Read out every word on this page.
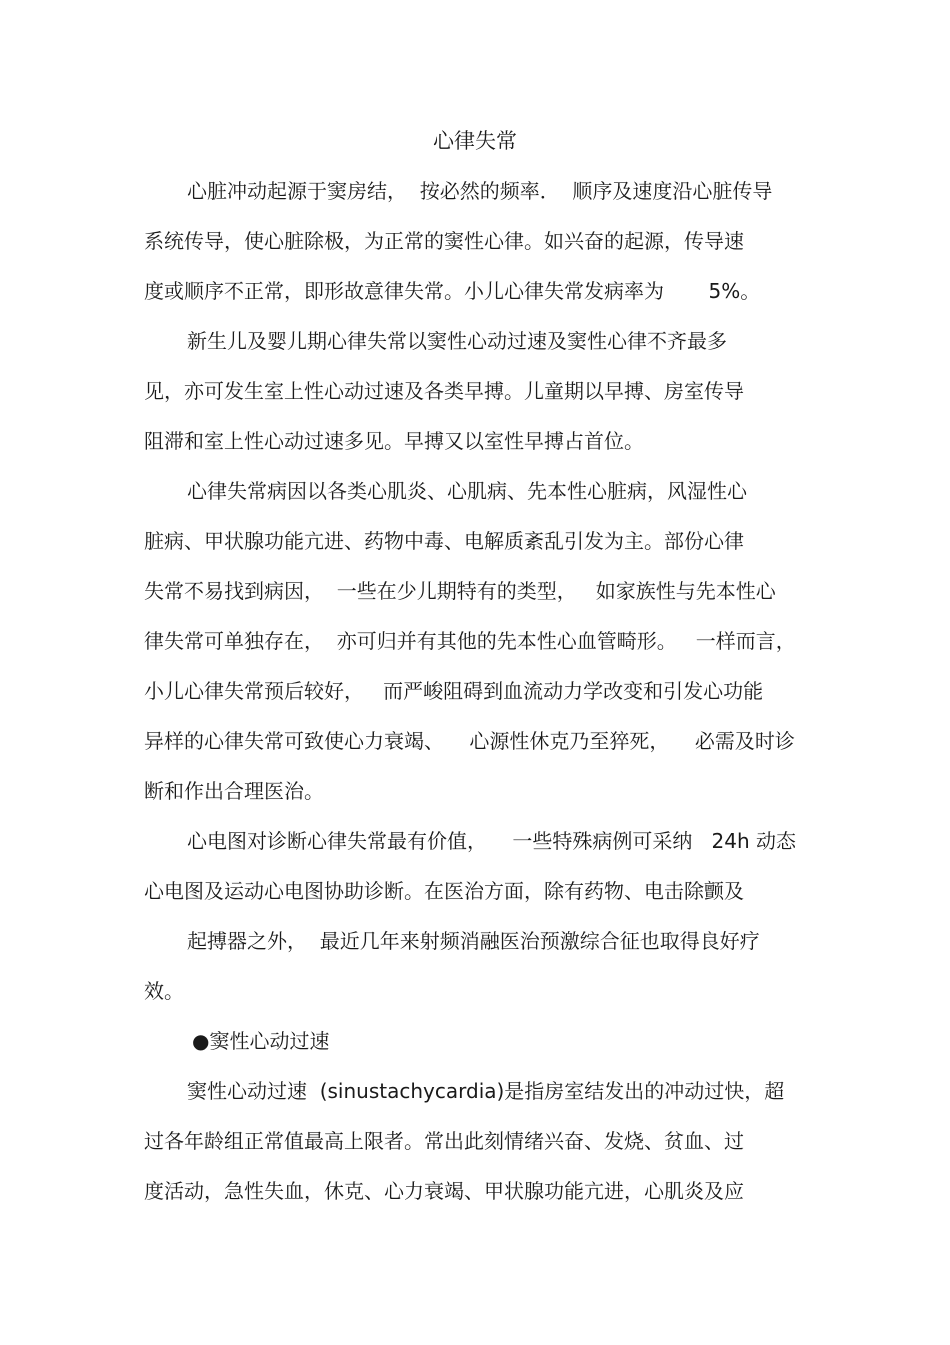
心律失常
心脏冲动起源于窦房结，  按必然的频率．  顺序及速度沿心脏传导
系统传导，使心脏除极，为正常的窦性心律。如兴奋的起源，传导速
度或顺序不正常，即形故意律失常。小儿心律失常发病率为       5%。
新生儿及婴儿期心律失常以窦性心动过速及窦性心律不齐最多
见，亦可发生室上性心动过速及各类早搏。儿童期以早搏、房室传导
阻滞和室上性心动过速多见。早搏又以室性早搏占首位。
心律失常病因以各类心肌炎、心肌病、先本性心脏病，风湿性心
脏病、甲状腺功能亢进、药物中毒、电解质紊乱引发为主。部份心律
失常不易找到病因，  一些在少儿期特有的类型，   如家族性与先本性心
律失常可单独存在，  亦可归并有其他的先本性心血管畸形。   一样而言，
小儿心律失常预后较好，   而严峻阻碍到血流动力学改变和引发心功能
异样的心律失常可致使心力衰竭、    心源性休克乃至猝死，    必需及时诊
断和作出合理医治。
心电图对诊断心律失常最有价值，    一些特殊病例可采纳   24h 动态
心电图及运动心电图协助诊断。在医治方面，除有药物、电击除颤及
起搏器之外，  最近几年来射频消融医治预激综合征也取得良好疗
效。
●窦性心动过速
窦性心动过速  (sinustachycardia)是指房室结发出的冲动过快，超
过各年龄组正常值最高上限者。常出此刻情绪兴奋、发烧、贫血、过
度活动，急性失血，休克、心力衰竭、甲状腺功能亢进，心肌炎及应
